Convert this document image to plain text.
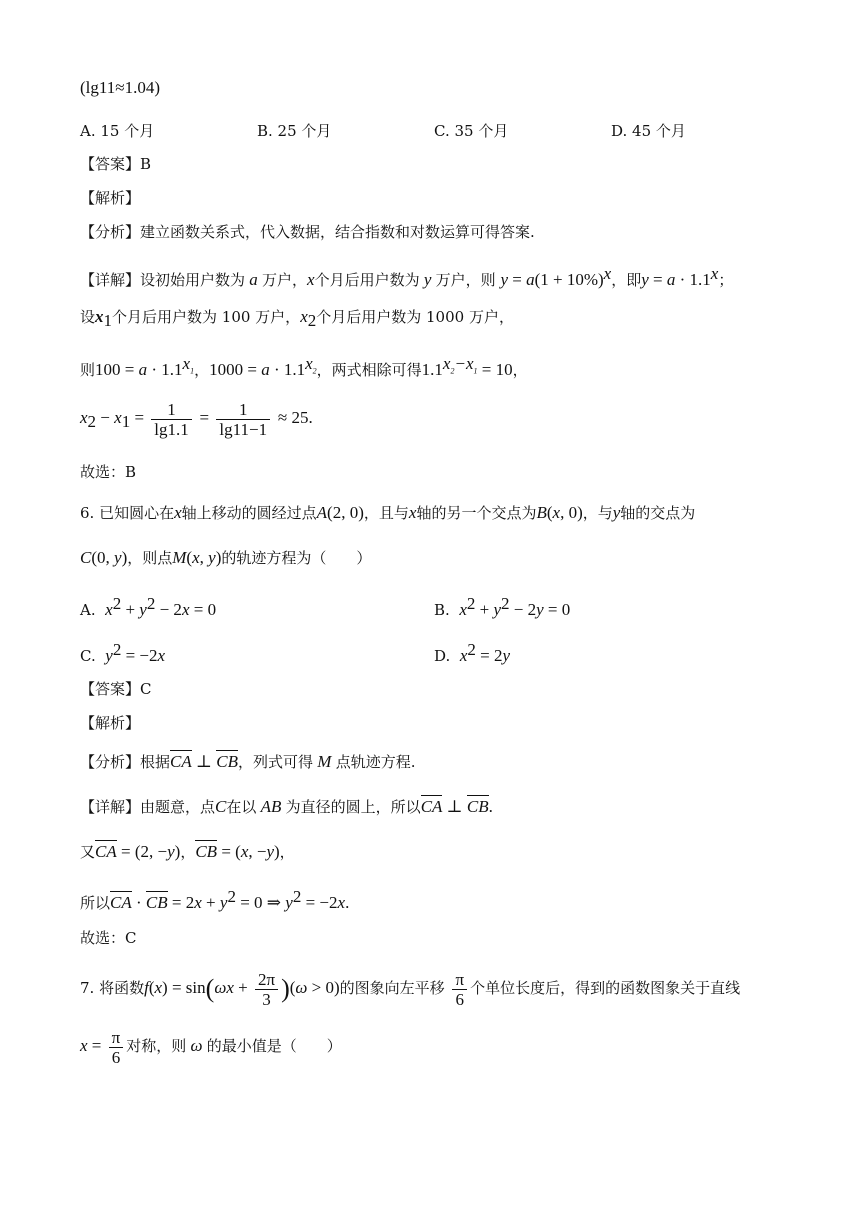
(lg11≈1.04)
A. 15 个月	B. 25 个月	C. 35 个月	D. 45 个月
【答案】B
【解析】
【分析】建立函数关系式，代入数据，结合指数和对数运算可得答案.
【详解】设初始用户数为 a 万户，x个月后用户数为 y 万户，则 $y = a(1 + 10\%)^x$，即$y = a \cdot 1.1^x$；
设$x_1$个月后用户数为 100 万户，$x_2$个月后用户数为 1000 万户，
则$100 = a \cdot 1.1^{x_1}$，$1000 = a \cdot 1.1^{x_2}$，两式相除可得$1.1^{x_2-x_1} = 10$，
$x_2 - x_1 = \frac{1}{\lg 1.1} = \frac{1}{\lg 11-1} \approx 25$.
故选：B
6. 已知圆心在x轴上移动的圆经过点A(2, 0)，且与x轴的另一个交点为B(x, 0)，与y轴的交点为
C(0, y)，则点M(x, y)的轨迹方程为（　　）
A. $x^2 + y^2 - 2x = 0$	B. $x^2 + y^2 - 2y = 0$
C. $y^2 = -2x$	D. $x^2 = 2y$
【答案】C
【解析】
【分析】根据CA ⊥ CB，列式可得 M 点轨迹方程.
【详解】由题意，点C在以 AB 为直径的圆上，所以CA ⊥ CB.
又CA = (2, −y)，CB = (x, −y)，
所以CA · CB = $2x + y^2 = 0$ ⇒ $y^2 = -2x$.
故选：C
7. 将函数$f(x) = \sin(\omega x + \frac{2\pi}{3} )(\omega > 0)$的图象向左平移 $\frac{\pi}{6}$ 个单位长度后，得到的函数图象关于直线
$x = \frac{\pi}{6}$ 对称，则 ω 的最小值是（　　）
